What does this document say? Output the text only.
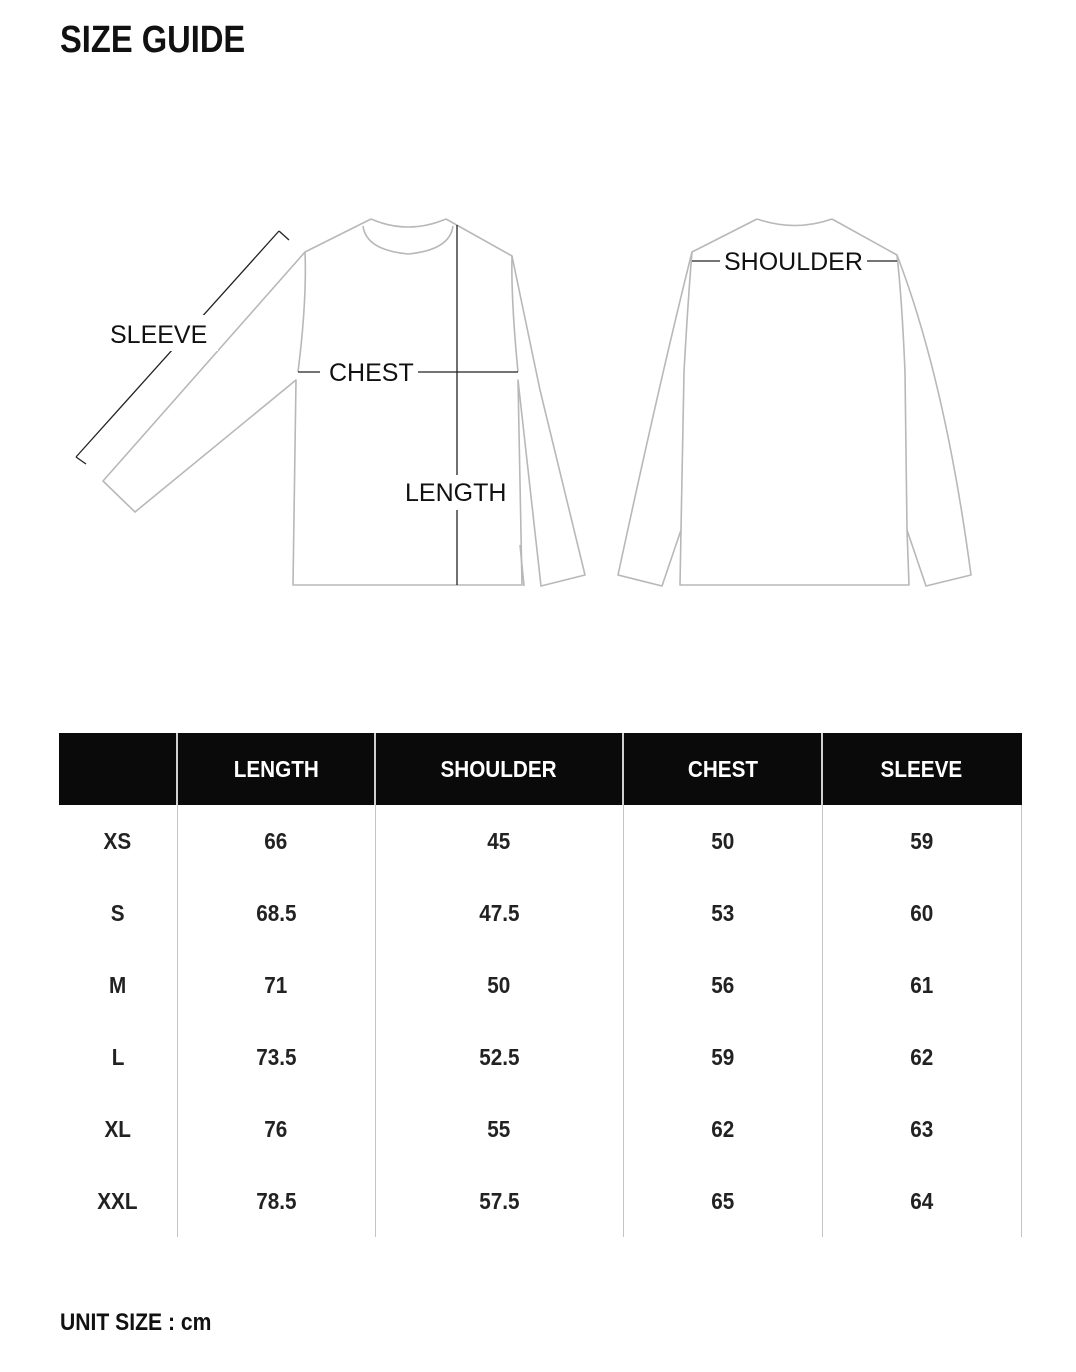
SIZE GUIDE
SLEEVE
CHEST
LENGTH
SHOULDER
	LENGTH	SHOULDER	CHEST	SLEEVE
XS	66	45	50	59
S	68.5	47.5	53	60
M	71	50	56	61
L	73.5	52.5	59	62
XL	76	55	62	63
XXL	78.5	57.5	65	64
UNIT SIZE : cm
